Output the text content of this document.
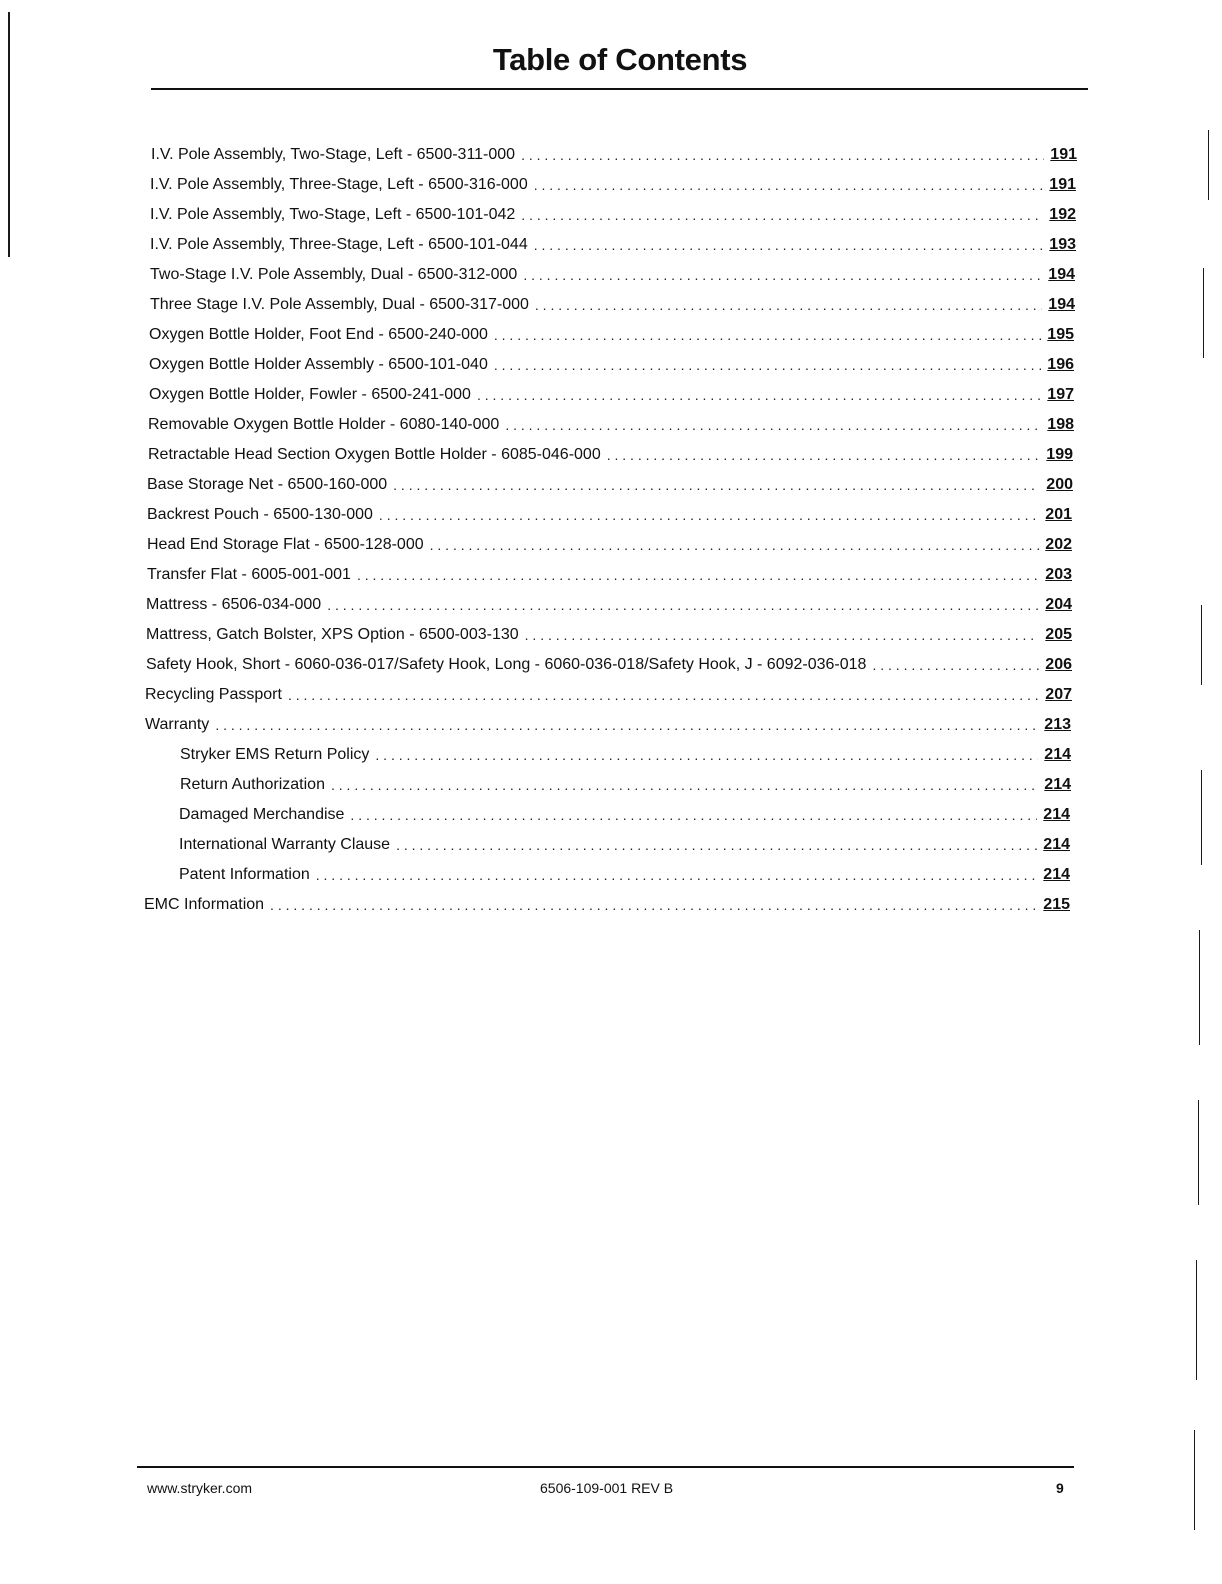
Table of Contents
I.V. Pole Assembly, Two-Stage, Left - 6500-311-000 . . .	191
I.V. Pole Assembly, Three-Stage, Left - 6500-316-000 . . .	191
I.V. Pole Assembly, Two-Stage, Left - 6500-101-042 . . .	192
I.V. Pole Assembly, Three-Stage, Left - 6500-101-044 . . .	193
Two-Stage I.V. Pole Assembly, Dual - 6500-312-000 . . .	194
Three Stage I.V. Pole Assembly, Dual - 6500-317-000 . . .	194
Oxygen Bottle Holder, Foot End - 6500-240-000 . . .	195
Oxygen Bottle Holder Assembly - 6500-101-040 . . .	196
Oxygen Bottle Holder, Fowler - 6500-241-000 . . .	197
Removable Oxygen Bottle Holder - 6080-140-000 . . .	198
Retractable Head Section Oxygen Bottle Holder - 6085-046-000 . . .	199
Base Storage Net - 6500-160-000 . . .	200
Backrest Pouch - 6500-130-000 . . .	201
Head End Storage Flat - 6500-128-000 . . .	202
Transfer Flat - 6005-001-001 . . .	203
Mattress - 6506-034-000 . . .	204
Mattress, Gatch Bolster, XPS Option - 6500-003-130 . . .	205
Safety Hook, Short - 6060-036-017/Safety Hook, Long - 6060-036-018/Safety Hook, J - 6092-036-018 . . .	206
Recycling Passport . . .	207
Warranty . . .	213
Stryker EMS Return Policy . . .	214
Return Authorization . . .	214
Damaged Merchandise . . .	214
International Warranty Clause . . .	214
Patent Information . . .	214
EMC Information . . .	215
www.stryker.com	6506-109-001 REV B	9
